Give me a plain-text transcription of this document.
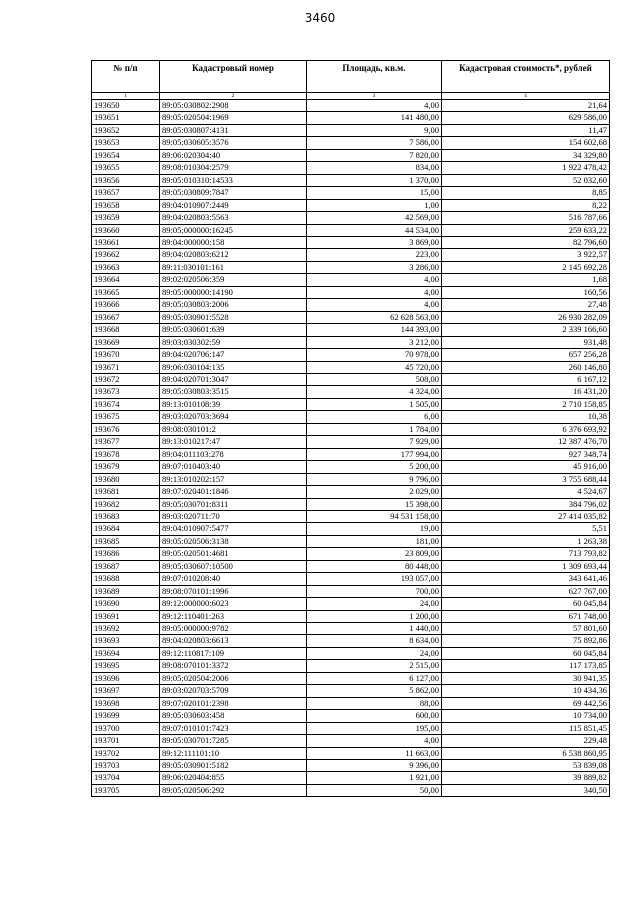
3460
№ п/п	Кадастровый номер	Площадь, кв.м.	Кадастровая стоимость*, рублей
1	2	3	4
193650	89:05:030802:2908	4,00	21,64
193651	89:05:020504:1969	141 480,00	629 586,00
193652	89:05:030807:4131	9,00	11,47
193653	89:05:030605:3576	7 586,00	154 602,68
193654	89:06:020304:40	7 820,00	34 329,80
193655	89:08:010304:2579	834,00	1 922 478,42
193656	89:05:010310:14533	1 370,00	52 032,60
193657	89:05:030809:7847	15,00	8,85
193658	89:04:010907:2449	1,00	8,22
193659	89:04:020803:5563	42 569,00	516 787,66
193660	89:05:000000:16245	44 534,00	259 633,22
193661	89:04:000000:158	3 869,00	82 796,60
193662	89:04:020803:6212	223,00	3 922,57
193663	89:11:030101:161	3 286,00	2 145 692,28
193664	89:02:020506:359	4,00	1,68
193665	89:05:000000:14190	4,00	160,56
193666	89:05:030803:2006	4,00	27,48
193667	89:05:030901:5528	62 628 563,00	26 930 282,09
193668	89:05:030601:639	144 393,00	2 339 166,60
193669	89:03:030302:59	3 212,00	931,48
193670	89:04:020706:147	70 978,00	657 256,28
193671	89:06:030104:135	45 720,00	260 146,80
193672	89:04:020701:3047	508,00	6 167,12
193673	89:05:030803:3515	4 324,00	16 431,20
193674	89:13:010108:39	1 505,00	2 710 158,85
193675	89:03:020703:3694	6,00	10,38
193676	89:08:030101:2	1 784,00	6 376 693,92
193677	89:13:010217:47	7 929,00	12 387 476,70
193678	89:04:011103:278	177 994,00	927 348,74
193679	89:07:010403:40	5 200,00	45 916,00
193680	89:13:010202:157	9 796,00	3 755 688,44
193681	89:07:020401:1846	2 029,00	4 524,67
193682	89:05:030701:8311	15 398,00	384 796,02
193683	89:03:020711:70	94 531 158,00	27 414 035,82
193684	89:04:010907:5477	19,00	5,51
193685	89:05:020506:3138	181,00	1 263,38
193686	89:05:020501:4681	23 809,00	713 793,82
193687	89:05:030607:10500	80 448,00	1 309 693,44
193688	89:07:010208:40	193 057,00	343 641,46
193689	89:08:070101:1996	700,00	627 767,00
193690	89:12:000000:6023	24,00	60 045,84
193691	89:12:110401:263	1 200,00	671 748,00
193692	89:05:000000:9782	1 440,00	57 801,60
193693	89:04:020803:6613	8 634,00	75 892,86
193694	89:12:110817:109	24,00	60 045,84
193695	89:08:070101:3372	2 515,00	117 173,85
193696	89:05:020504:2006	6 127,00	30 941,35
193697	89:03:020703:5709	5 862,00	10 434,36
193698	89:07:020101:2398	88,00	69 442,56
193699	89:05:030603:458	600,00	10 734,00
193700	89:07:010101:7423	195,00	115 851,45
193701	89:05:030701:7285	4,00	229,48
193702	89:12:111101:10	11 663,00	6 538 860,95
193703	89:05:030901:5182	9 396,00	53 839,08
193704	89:06:020404:855	1 921,00	39 889,82
193705	89:05:020506:292	50,00	340,50
